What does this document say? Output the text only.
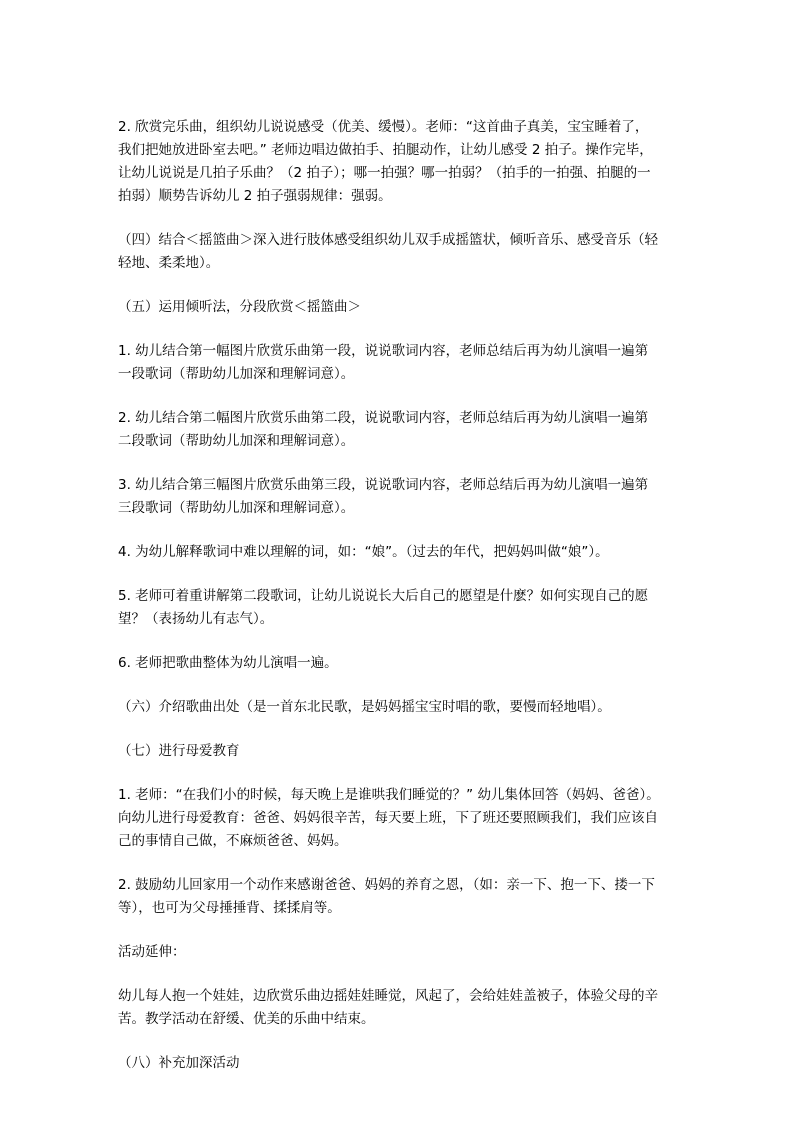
2. 欣赏完乐曲，组织幼儿说说感受（优美、缓慢）。老师：“这首曲子真美，宝宝睡着了，
我们把她放进卧室去吧。” 老师边唱边做拍手、拍腿动作，让幼儿感受 2 拍子。操作完毕，
让幼儿说说是几拍子乐曲？（2 拍子）；哪一拍强？哪一拍弱？（拍手的一拍强、拍腿的一
拍弱）顺势告诉幼儿 2 拍子强弱规律：强弱。

（四）结合＜摇篮曲＞深入进行肢体感受组织幼儿双手成摇篮状，倾听音乐、感受音乐（轻
轻地、柔柔地）。

（五）运用倾听法，分段欣赏＜摇篮曲＞

1. 幼儿结合第一幅图片欣赏乐曲第一段，说说歌词内容，老师总结后再为幼儿演唱一遍第
一段歌词（帮助幼儿加深和理解词意）。

2. 幼儿结合第二幅图片欣赏乐曲第二段，说说歌词内容，老师总结后再为幼儿演唱一遍第
二段歌词（帮助幼儿加深和理解词意）。

3. 幼儿结合第三幅图片欣赏乐曲第三段，说说歌词内容，老师总结后再为幼儿演唱一遍第
三段歌词（帮助幼儿加深和理解词意）。

4. 为幼儿解释歌词中难以理解的词，如：“娘”。（过去的年代，把妈妈叫做“娘”）。

5. 老师可着重讲解第二段歌词，让幼儿说说长大后自己的愿望是什麽？如何实现自己的愿
望？（表扬幼儿有志气）。

6. 老师把歌曲整体为幼儿演唱一遍。

（六）介绍歌曲出处（是一首东北民歌，是妈妈摇宝宝时唱的歌，要慢而轻地唱）。

（七）进行母爱教育

1. 老师：“在我们小的时候，每天晚上是谁哄我们睡觉的？” 幼儿集体回答（妈妈、爸爸）。
向幼儿进行母爱教育：爸爸、妈妈很辛苦，每天要上班，下了班还要照顾我们，我们应该自
己的事情自己做，不麻烦爸爸、妈妈。

2. 鼓励幼儿回家用一个动作来感谢爸爸、妈妈的养育之恩，（如：亲一下、抱一下、搂一下
等），也可为父母捶捶背、揉揉肩等。

活动延伸：

幼儿每人抱一个娃娃，边欣赏乐曲边摇娃娃睡觉，风起了，会给娃娃盖被子，体验父母的辛
苦。教学活动在舒缓、优美的乐曲中结束。

（八）补充加深活动
